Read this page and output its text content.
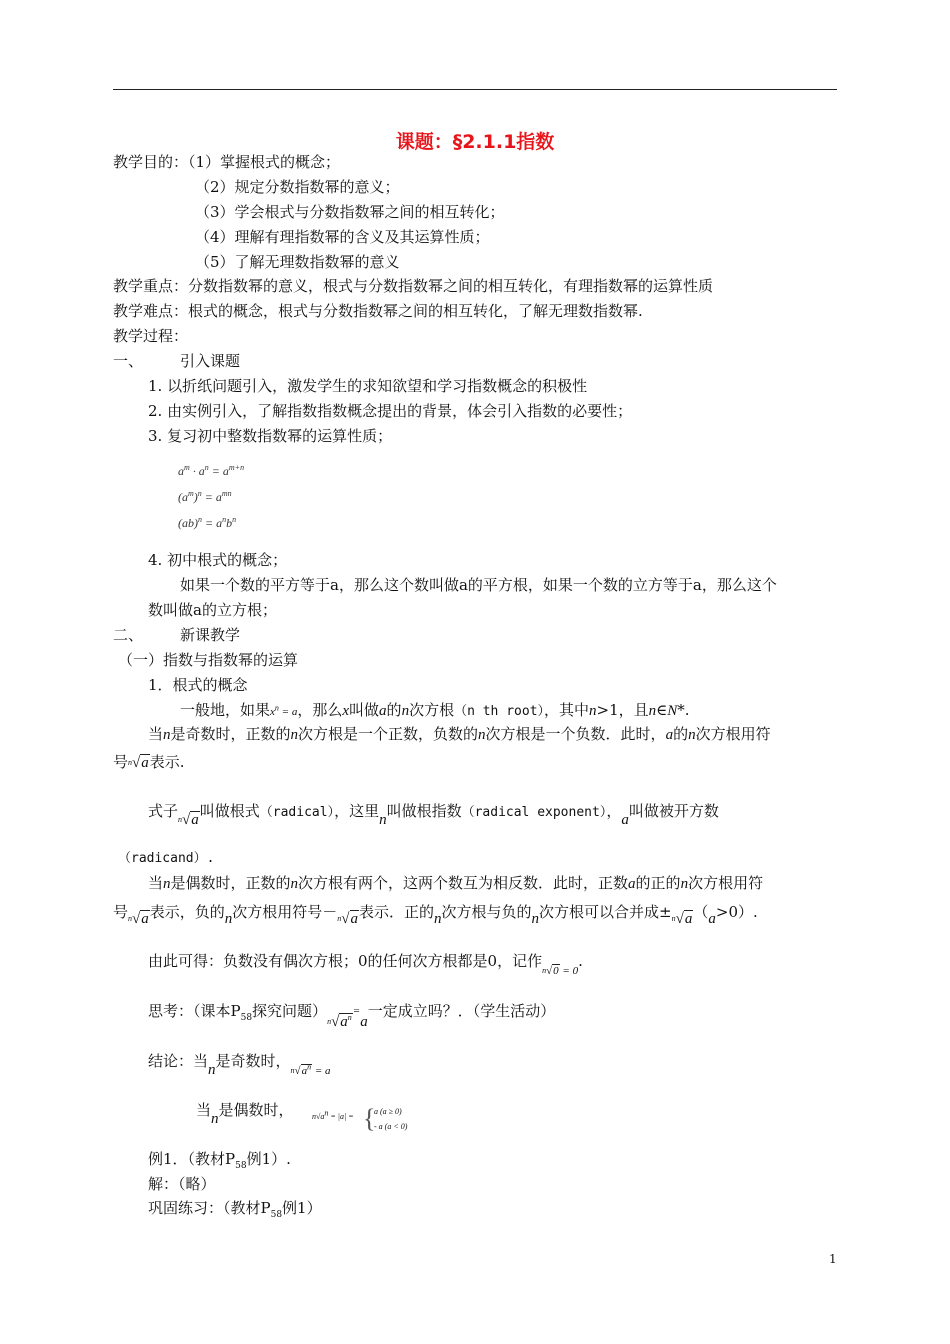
课题：§2.1.1指数
教学目的：（1）掌握根式的概念；
（2）规定分数指数幂的意义；
（3）学会根式与分数指数幂之间的相互转化；
（4）理解有理指数幂的含义及其运算性质；
（5）了解无理数指数幂的意义
教学重点：分数指数幂的意义，根式与分数指数幂之间的相互转化，有理指数幂的运算性质
教学难点：根式的概念，根式与分数指数幂之间的相互转化，了解无理数指数幂.
教学过程：
一、 引入课题
1. 以折纸问题引入，激发学生的求知欲望和学习指数概念的积极性
2. 由实例引入，了解指数指数概念提出的背景，体会引入指数的必要性；
3. 复习初中整数指数幂的运算性质；
$a^m \cdot a^n = a^{m+n}$
$(a^m)^n = a^{mn}$
$(ab)^n = a^nb^n$
4. 初中根式的概念；
如果一个数的平方等于a，那么这个数叫做a的平方根，如果一个数的立方等于a，那么这个
数叫做a的立方根；
二、 新课教学
（一）指数与指数幂的运算
1．根式的概念
一般地，如果$x^n = a$，那么x叫做a的n次方根（n th root），其中n>1，且n∈N*.
当n是奇数时，正数的n次方根是一个正数，负数的n次方根是一个负数．此时，a的n次方根用符
号$^n$√a表示.
式子$^n$√a叫做根式（radical），这里n叫做根指数（radical exponent），a叫做被开方数
（radicand）.
当n是偶数时，正数的n次方根有两个，这两个数互为相反数．此时，正数a的正的n次方根用符
号$^n$√a表示，负的n次方根用符号－$^n$√a表示．正的n次方根与负的n次方根可以合并成±$^n$√a（a>0）.
由此可得：负数没有偶次方根；0的任何次方根都是0，记作$^n$√0 = 0.
思考：（课本$P_{58}$探究问题）$^n√a^{n=}a$一定成立吗？．（学生活动）
结论：当n是奇数时，$^n√a^n = a$
当n是偶数时， $n√a^n = |a|$ = {
a (a ≥ 0)
- a (a < 0)
例1．（教材$P_{58}$例1）.
解：（略）
巩固练习：（教材$P_{58}$例1）
1
